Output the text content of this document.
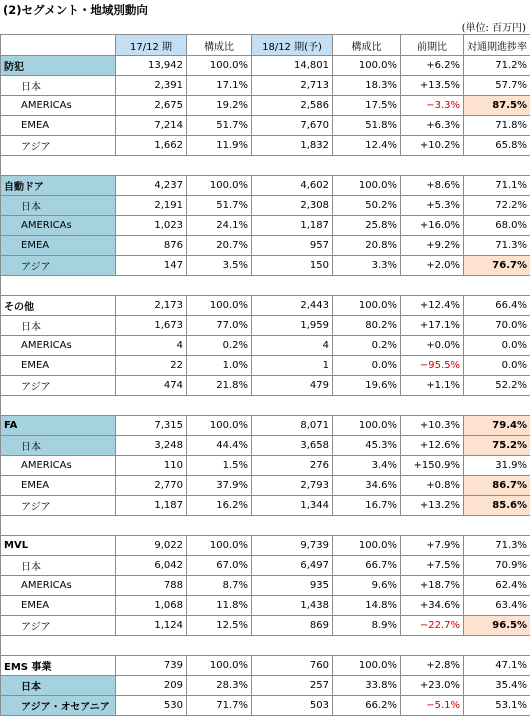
(2)セグメント・地域別動向
(単位: 百万円)
	17/12 期	構成比	18/12 期(予)	構成比	前期比	対通期進捗率
防犯	13,942	100.0%	14,801	100.0%	+6.2%	71.2%
日本	2,391	17.1%	2,713	18.3%	+13.5%	57.7%
AMERICAs	2,675	19.2%	2,586	17.5%	−3.3%	87.5%
EMEA	7,214	51.7%	7,670	51.8%	+6.3%	71.8%
アジア	1,662	11.9%	1,832	12.4%	+10.2%	65.8%

自動ドア	4,237	100.0%	4,602	100.0%	+8.6%	71.1%
日本	2,191	51.7%	2,308	50.2%	+5.3%	72.2%
AMERICAs	1,023	24.1%	1,187	25.8%	+16.0%	68.0%
EMEA	876	20.7%	957	20.8%	+9.2%	71.3%
アジア	147	3.5%	150	3.3%	+2.0%	76.7%

その他	2,173	100.0%	2,443	100.0%	+12.4%	66.4%
日本	1,673	77.0%	1,959	80.2%	+17.1%	70.0%
AMERICAs	4	0.2%	4	0.2%	+0.0%	0.0%
EMEA	22	1.0%	1	0.0%	−95.5%	0.0%
アジア	474	21.8%	479	19.6%	+1.1%	52.2%

FA	7,315	100.0%	8,071	100.0%	+10.3%	79.4%
日本	3,248	44.4%	3,658	45.3%	+12.6%	75.2%
AMERICAs	110	1.5%	276	3.4%	+150.9%	31.9%
EMEA	2,770	37.9%	2,793	34.6%	+0.8%	86.7%
アジア	1,187	16.2%	1,344	16.7%	+13.2%	85.6%

MVL	9,022	100.0%	9,739	100.0%	+7.9%	71.3%
日本	6,042	67.0%	6,497	66.7%	+7.5%	70.9%
AMERICAs	788	8.7%	935	9.6%	+18.7%	62.4%
EMEA	1,068	11.8%	1,438	14.8%	+34.6%	63.4%
アジア	1,124	12.5%	869	8.9%	−22.7%	96.5%

EMS 事業	739	100.0%	760	100.0%	+2.8%	47.1%
日本	209	28.3%	257	33.8%	+23.0%	35.4%
アジア・オセアニア	530	71.7%	503	66.2%	−5.1%	53.1%
